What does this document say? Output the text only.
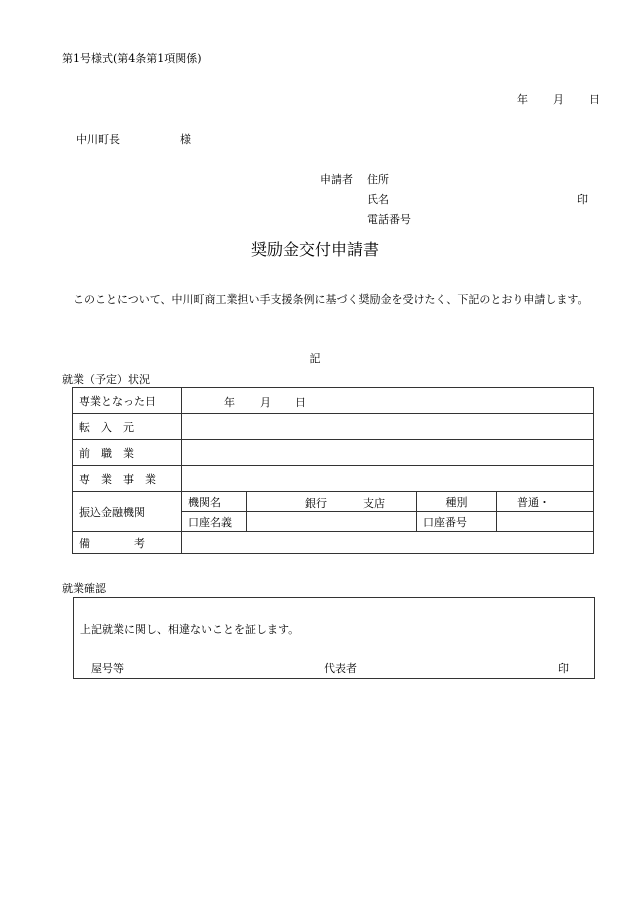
第1号様式(第4条第1項関係)
年 月 日
中川町長	様
申請者 住所
氏名	印
電話番号
奨励金交付申請書
このことについて、中川町商工業担い手支援条例に基づく奨励金を受けたく、下記のとおり申請します。
記
就業（予定）状況
専業となった日	年 月 日			

転　入　元				
前　職　業				
専　業　事　業				
振込金融機関	機関名	銀行 支店	種別	普通・
	口座名義		口座番号	
備　　　　考				
就業確認
上記就業に関し、相違ないことを証します。
屋号等	代表者	印
